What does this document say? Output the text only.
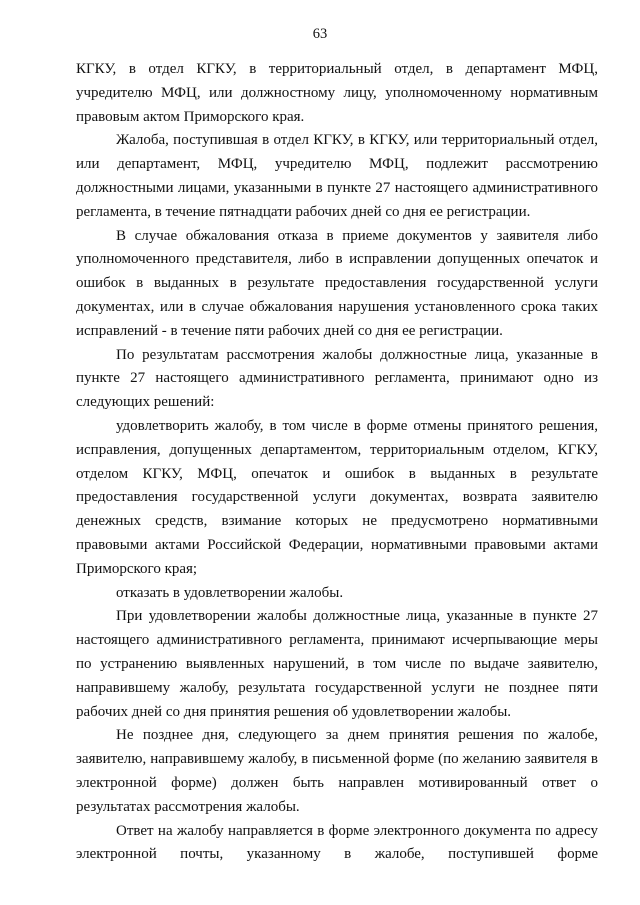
63

КГКУ, в отдел КГКУ, в территориальный отдел, в департамент МФЦ, учредителю МФЦ, или должностному лицу, уполномоченному нормативным правовым актом Приморского края.

Жалоба, поступившая в отдел КГКУ, в КГКУ, или территориальный отдел, или департамент, МФЦ, учредителю МФЦ, подлежит рассмотрению должностными лицами, указанными в пункте 27 настоящего административного регламента, в течение пятнадцати рабочих дней со дня ее регистрации.

В случае обжалования отказа в приеме документов у заявителя либо уполномоченного представителя, либо в исправлении допущенных опечаток и ошибок в выданных в результате предоставления государственной услуги документах, или в случае обжалования нарушения установленного срока таких исправлений - в течение пяти рабочих дней со дня ее регистрации.

По результатам рассмотрения жалобы должностные лица, указанные в пункте 27 настоящего административного регламента, принимают одно из следующих решений:

удовлетворить жалобу, в том числе в форме отмены принятого решения, исправления, допущенных департаментом, территориальным отделом, КГКУ, отделом КГКУ, МФЦ, опечаток и ошибок в выданных в результате предоставления государственной услуги документах, возврата заявителю денежных средств, взимание которых не предусмотрено нормативными правовыми актами Российской Федерации, нормативными правовыми актами Приморского края;

отказать в удовлетворении жалобы.

При удовлетворении жалобы должностные лица, указанные в пункте 27 настоящего административного регламента, принимают исчерпывающие меры по устранению выявленных нарушений, в том числе по выдаче заявителю, направившему жалобу, результата государственной услуги не позднее пяти рабочих дней со дня принятия решения об удовлетворении жалобы.

Не позднее дня, следующего за днем принятия решения по жалобе, заявителю, направившему жалобу, в письменной форме (по желанию заявителя в электронной форме) должен быть направлен мотивированный ответ о результатах рассмотрения жалобы.

Ответ на жалобу направляется в форме электронного документа по адресу электронной почты, указанному в жалобе, поступившей форме
